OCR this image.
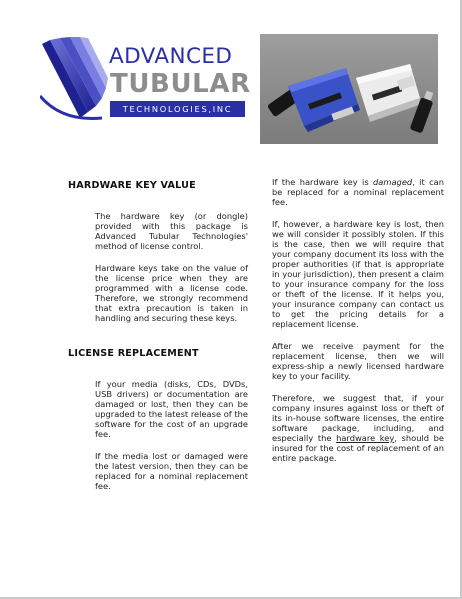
ADVANCED
TUBULAR
TECHNOLOGIES,INC
HARDWARE KEY VALUE

The hardware key (or dongle) provided with this package is Advanced Tubular Technologies' method of license control.

Hardware keys take on the value of the license price when they are programmed with a license code. Therefore, we strongly recommend that extra precaution is taken in handling and securing these keys.

LICENSE REPLACEMENT

If your media (disks, CDs, DVDs, USB drivers) or documentation are damaged or lost, then they can be upgraded to the latest release of the software for the cost of an upgrade fee.

If the media lost or damaged were the latest version, then they can be replaced for a nominal replacement fee.

If the hardware key is damaged, it can be replaced for a nominal replacement fee.

If, however, a hardware key is lost, then we will consider it possibly stolen. If this is the case, then we will require that your company document its loss with the proper authorities (if that is appropriate in your jurisdiction), then present a claim to your insurance company for the loss or theft of the license. If it helps you, your insurance company can contact us to get the pricing details for a replacement license.

After we receive payment for the replacement license, then we will express-ship a newly licensed hardware key to your facility.

Therefore, we suggest that, if your company insures against loss or theft of its in-house software licenses, the entire software package, including, and especially the hardware key, should be insured for the cost of replacement of an entire package.
